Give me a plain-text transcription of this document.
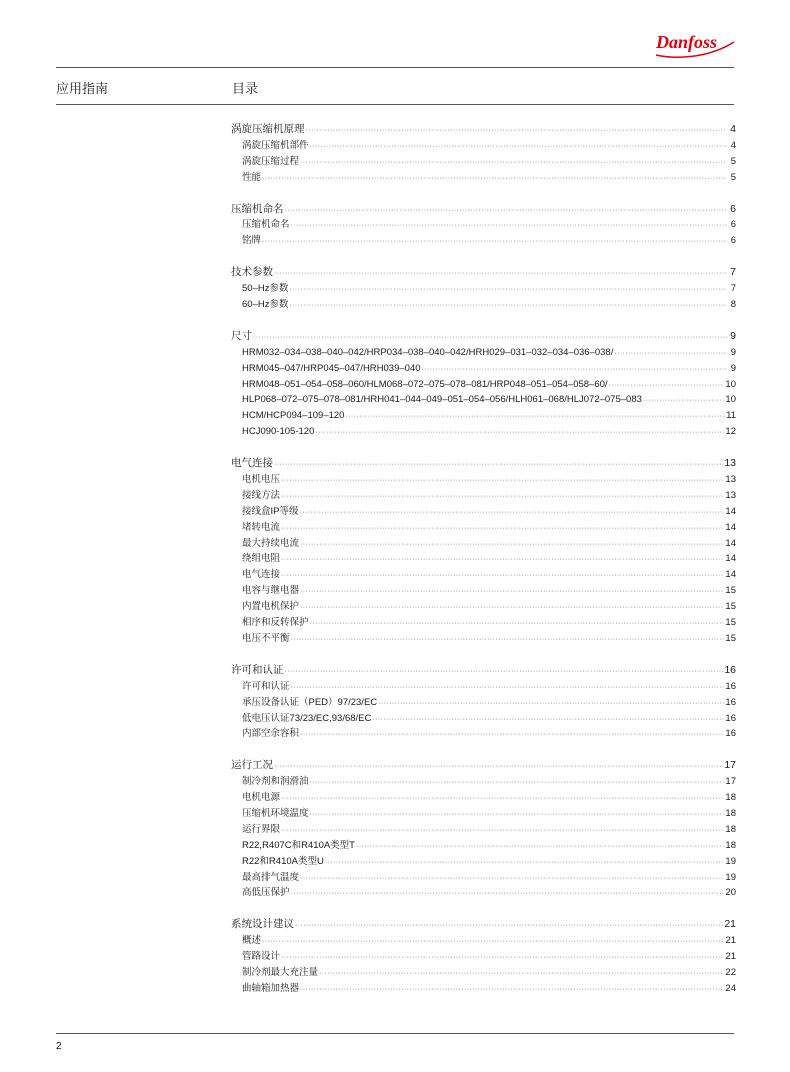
Danfoss
应用指南	目录
涡旋压缩机原理 ·····	4
涡旋压缩机部件 ·····	4
涡旋压缩过程 ·····	5
性能 ·····	5
压缩机命名 ·····	6
压缩机命名 ·····	6
铭牌 ·····	6
技术参数 ·····	7
50–Hz参数 ·····	7
60–Hz参数 ·····	8
尺寸 ·····	9
HRM032–034–038–040–042/HRP034–038–040–042/HRH029–031–032–034–036–038/ ·····	9
HRM045–047/HRP045–047/HRH039–040 ·····	9
HRM048–051–054–058–060/HLM068–072–075–078–081/HRP048–051–054–058–60/ ·····	10
HLP068–072–075–078–081/HRH041–044–049–051–054–056/HLH061–068/HLJ072–075–083 ·····	10
HCM/HCP094–109–120 ·····	11
HCJ090-105-120 ·····	12
电气连接 ·····	13
电机电压 ·····	13
接线方法 ·····	13
接线盒IP等级 ·····	14
堵转电流 ·····	14
最大持续电流 ·····	14
绕组电阻 ·····	14
电气连接 ·····	14
电容与继电器 ·····	15
内置电机保护 ·····	15
相序和反转保护 ·····	15
电压不平衡 ·····	15
许可和认证 ·····	16
许可和认证 ·····	16
承压设备认证（PED）97/23/EC ·····	16
低电压认证73/23/EC,93/68/EC ·····	16
内部空余容积 ·····	16
运行工况 ·····	17
制冷剂和润滑油 ·····	17
电机电源 ·····	18
压缩机环境温度 ·····	18
运行界限 ·····	18
R22,R407C和R410A类型T ·····	18
R22和R410A类型U ·····	19
最高排气温度 ·····	19
高低压保护 ·····	20
系统设计建议 ·····	21
概述 ·····	21
管路设计 ·····	21
制冷剂最大充注量 ·····	22
曲轴箱加热器 ·····	24
2
